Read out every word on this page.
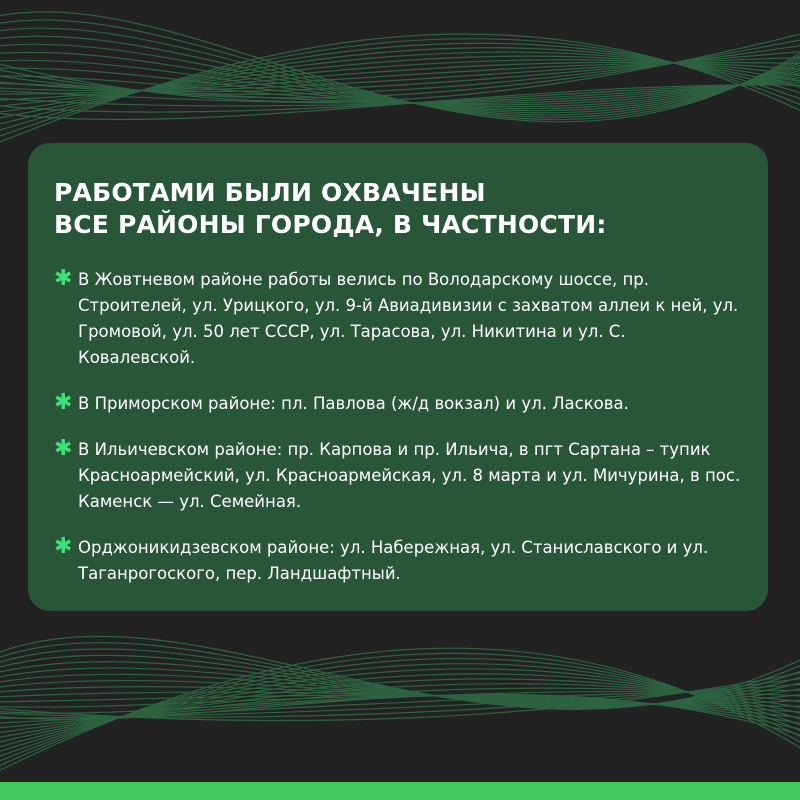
РАБОТАМИ БЫЛИ ОХВАЧЕНЫ
ВСЕ РАЙОНЫ ГОРОДА, В ЧАСТНОСТИ:
✱ В Жовтневом районе работы велись по Володарскому шоссе, пр. Строителей, ул. Урицкого, ул. 9-й Авиадивизии с захватом аллеи к ней, ул. Громовой, ул. 50 лет СССР, ул. Тарасова, ул. Никитина и ул. С. Ковалевской.
✱ В Приморском районе: пл. Павлова (ж/д вокзал) и ул. Ласкова.
✱ В Ильичевском районе: пр. Карпова и пр. Ильича, в пгт Сартана – тупик Красноармейский, ул. Красноармейская, ул. 8 марта и ул. Мичурина, в пос. Каменск — ул. Семейная.
✱ Орджоникидзевском районе: ул. Набережная, ул. Станиславского и ул. Таганрогоского, пер. Ландшафтный.
